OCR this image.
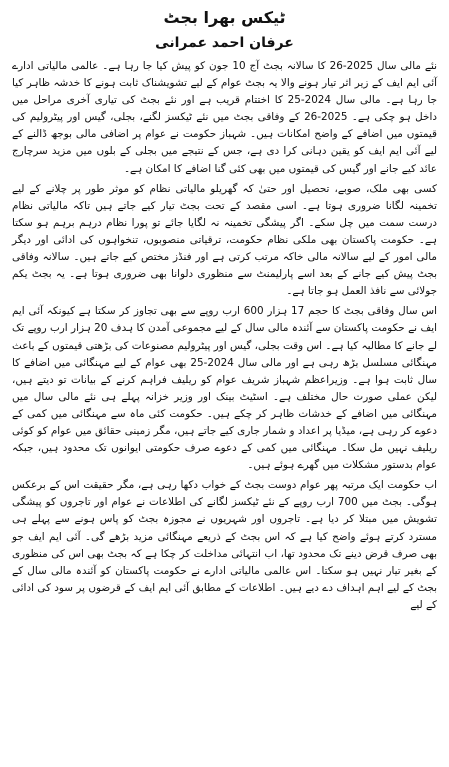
ٹیکس بھرا بجٹ
عرفان احمد عمرانی

نئے مالی سال 2025-26 کا سالانہ بجٹ آج 10 جون کو پیش کیا جا رہا ہے۔ عالمی مالیاتی ادارے آئی ایم ایف کے زیر اثر تیار ہونے والا یہ بجٹ عوام کے لیے تشویشناک ثابت ہونے کا خدشہ ظاہر کیا جا رہا ہے۔ مالی سال 2024-25 کا اختتام قریب ہے اور نئے بجٹ کی تیاری آخری مراحل میں داخل ہو چکی ہے۔ 2025-26 کے وفاقی بجٹ میں نئے ٹیکسز لگنے، بجلی، گیس اور پیٹرولیم کی قیمتوں میں اضافے کے واضح امکانات ہیں۔ شہباز حکومت نے عوام پر اضافی مالی بوجھ ڈالنے کے لیے آئی ایم ایف کو یقین دہانی کرا دی ہے، جس کے نتیجے میں بجلی کے بلوں میں مزید سرچارج عائد کیے جانے اور گیس کی قیمتوں میں بھی کئی گنا اضافے کا امکان ہے۔

کسی بھی ملک، صوبے، تحصیل اور حتیٰ کہ گھریلو مالیاتی نظام کو موثر طور پر چلانے کے لیے تخمینہ لگانا ضروری ہوتا ہے۔ اسی مقصد کے تحت بجٹ تیار کیے جاتے ہیں تاکہ مالیاتی نظام درست سمت میں چل سکے۔ اگر پیشگی تخمینہ نہ لگایا جائے تو پورا نظام درہم برہم ہو سکتا ہے۔ حکومت پاکستان بھی ملکی نظام حکومت، ترقیاتی منصوبوں، تنخواہوں کی ادائی اور دیگر مالی امور کے لیے سالانہ مالی خاکہ مرتب کرتی ہے اور فنڈز مختص کیے جاتے ہیں۔ سالانہ وفاقی بجٹ پیش کیے جانے کے بعد اسے پارلیمنٹ سے منظوری دلوانا بھی ضروری ہوتا ہے۔ یہ بجٹ یکم جولائی سے نافذ العمل ہو جاتا ہے۔

اس سال وفاقی بجٹ کا حجم 17 ہزار 600 ارب روپے سے بھی تجاوز کر سکتا ہے کیونکہ آئی ایم ایف نے حکومت پاکستان سے آئندہ مالی سال کے لیے مجموعی آمدن کا ہدف 20 ہزار ارب روپے تک لے جانے کا مطالبہ کیا ہے۔ اس وقت بجلی، گیس اور پیٹرولیم مصنوعات کی بڑھتی قیمتوں کے باعث مہنگائی مسلسل بڑھ رہی ہے اور مالی سال 2024-25 بھی عوام کے لیے مہنگائی میں اضافے کا سال ثابت ہوا ہے۔ وزیراعظم شہباز شریف عوام کو ریلیف فراہم کرنے کے بیانات تو دیتے ہیں، لیکن عملی صورت حال مختلف ہے۔ اسٹیٹ بینک اور وزیر خزانہ پہلے ہی نئے مالی سال میں مہنگائی میں اضافے کے خدشات ظاہر کر چکے ہیں۔ حکومت کئی ماہ سے مہنگائی میں کمی کے دعوے کر رہی ہے، میڈیا پر اعداد و شمار جاری کیے جاتے ہیں، مگر زمینی حقائق میں عوام کو کوئی ریلیف نہیں مل سکا۔ مہنگائی میں کمی کے دعوے صرف حکومتی ایوانوں تک محدود ہیں، جبکہ عوام بدستور مشکلات میں گھرے ہوئے ہیں۔

اب حکومت ایک مرتبہ پھر عوام دوست بجٹ کے خواب دکھا رہی ہے، مگر حقیقت اس کے برعکس ہوگی۔ بجٹ میں 700 ارب روپے کے نئے ٹیکسز لگانے کی اطلاعات نے عوام اور تاجروں کو پیشگی تشویش میں مبتلا کر دیا ہے۔ تاجروں اور شہریوں نے مجوزہ بجٹ کو پاس ہونے سے پہلے ہی مسترد کرتے ہوئے واضح کیا ہے کہ اس بجٹ کے ذریعے مہنگائی مزید بڑھے گی۔ آئی ایم ایف جو بھی صرف قرض دینے تک محدود تھا، اب انتہائی مداخلت کر چکا ہے کہ بجٹ بھی اس کی منظوری کے بغیر تیار نہیں ہو سکتا۔ اس عالمی مالیاتی ادارے نے حکومت پاکستان کو آئندہ مالی سال کے بجٹ کے لیے اہم اہداف دے دیے ہیں۔ اطلاعات کے مطابق آئی ایم ایف کے قرضوں پر سود کی ادائی کے لیے
